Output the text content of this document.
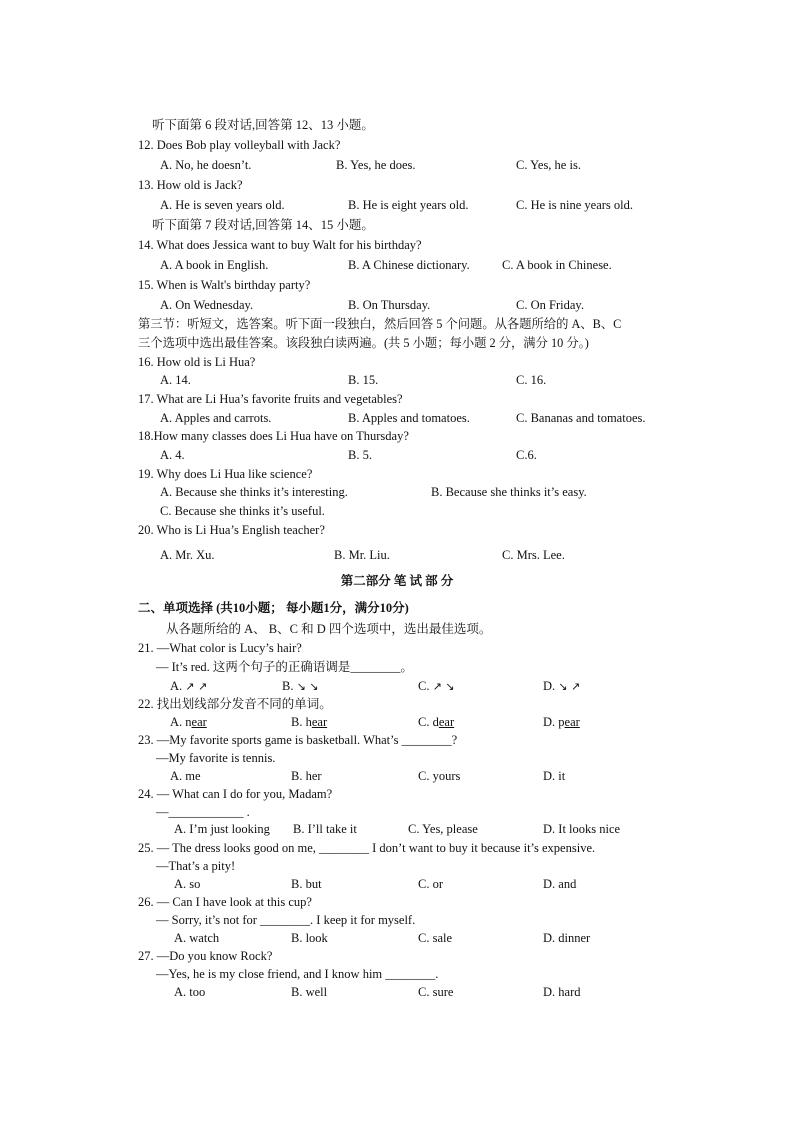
听下面第 6 段对话,回答第 12、13 小题。
12. Does Bob play volleyball with Jack?
A. No, he doesn’t.	B. Yes, he does.	C. Yes, he is.
13. How old is Jack?
A. He is seven years old.	B. He is eight years old.	C. He is nine years old.
听下面第 7 段对话,回答第 14、15 小题。
14. What does Jessica want to buy Walt for his birthday?
A. A book in English.	B. A Chinese dictionary.	C. A book in Chinese.
15. When is Walt's birthday party?
A. On Wednesday.	B. On Thursday.	C. On Friday.
第三节：听短文，选答案。听下面一段独白，然后回答 5 个问题。从各题所给的 A、B、C
三个选项中选出最佳答案。该段独白读两遍。(共 5 小题；每小题 2 分，满分 10 分。)
16. How old is Li Hua?
A. 14.	B. 15.	C. 16.
17. What are Li Hua’s favorite fruits and vegetables?
A. Apples and carrots.	B. Apples and tomatoes.	C. Bananas and tomatoes.
18.How many classes does Li Hua have on Thursday?
A. 4.	B. 5.	C.6.
19. Why does Li Hua like science?
A. Because she thinks it’s interesting.	B. Because she thinks it’s easy.
C. Because she thinks it’s useful.
20. Who is Li Hua’s English teacher?
A. Mr. Xu.	B. Mr. Liu.	C. Mrs. Lee.
第二部分 笔 试 部 分
二、单项选择 (共10小题； 每小题1分，满分10分)
从各题所给的 A、 B、C 和 D 四个选项中，选出最佳选项。
21. —What color is Lucy’s hair?
— It’s red. 这两个句子的正确语调是________。
A. ↗ ↗	B. ↘ ↘	C. ↗ ↘	D. ↘ ↗
22. 找出划线部分发音不同的单词。
A. near	B. hear	C. dear	D. pear
23. —My favorite sports game is basketball. What’s ________?
—My favorite is tennis.
A. me	B. her	C. yours	D. it
24. — What can I do for you, Madam?
—____________ .
A. I’m just looking B. I’ll take it	C. Yes, please	D. It looks nice
25. — The dress looks good on me, ________ I don’t want to buy it because it’s expensive.
—That’s a pity!
A. so	B. but	C. or	D. and
26. — Can I have look at this cup?
— Sorry, it’s not for ________. I keep it for myself.
A. watch	B. look	C. sale	D. dinner
27. —Do you know Rock?
—Yes, he is my close friend, and I know him ________.
A. too	B. well	C. sure	D. hard
